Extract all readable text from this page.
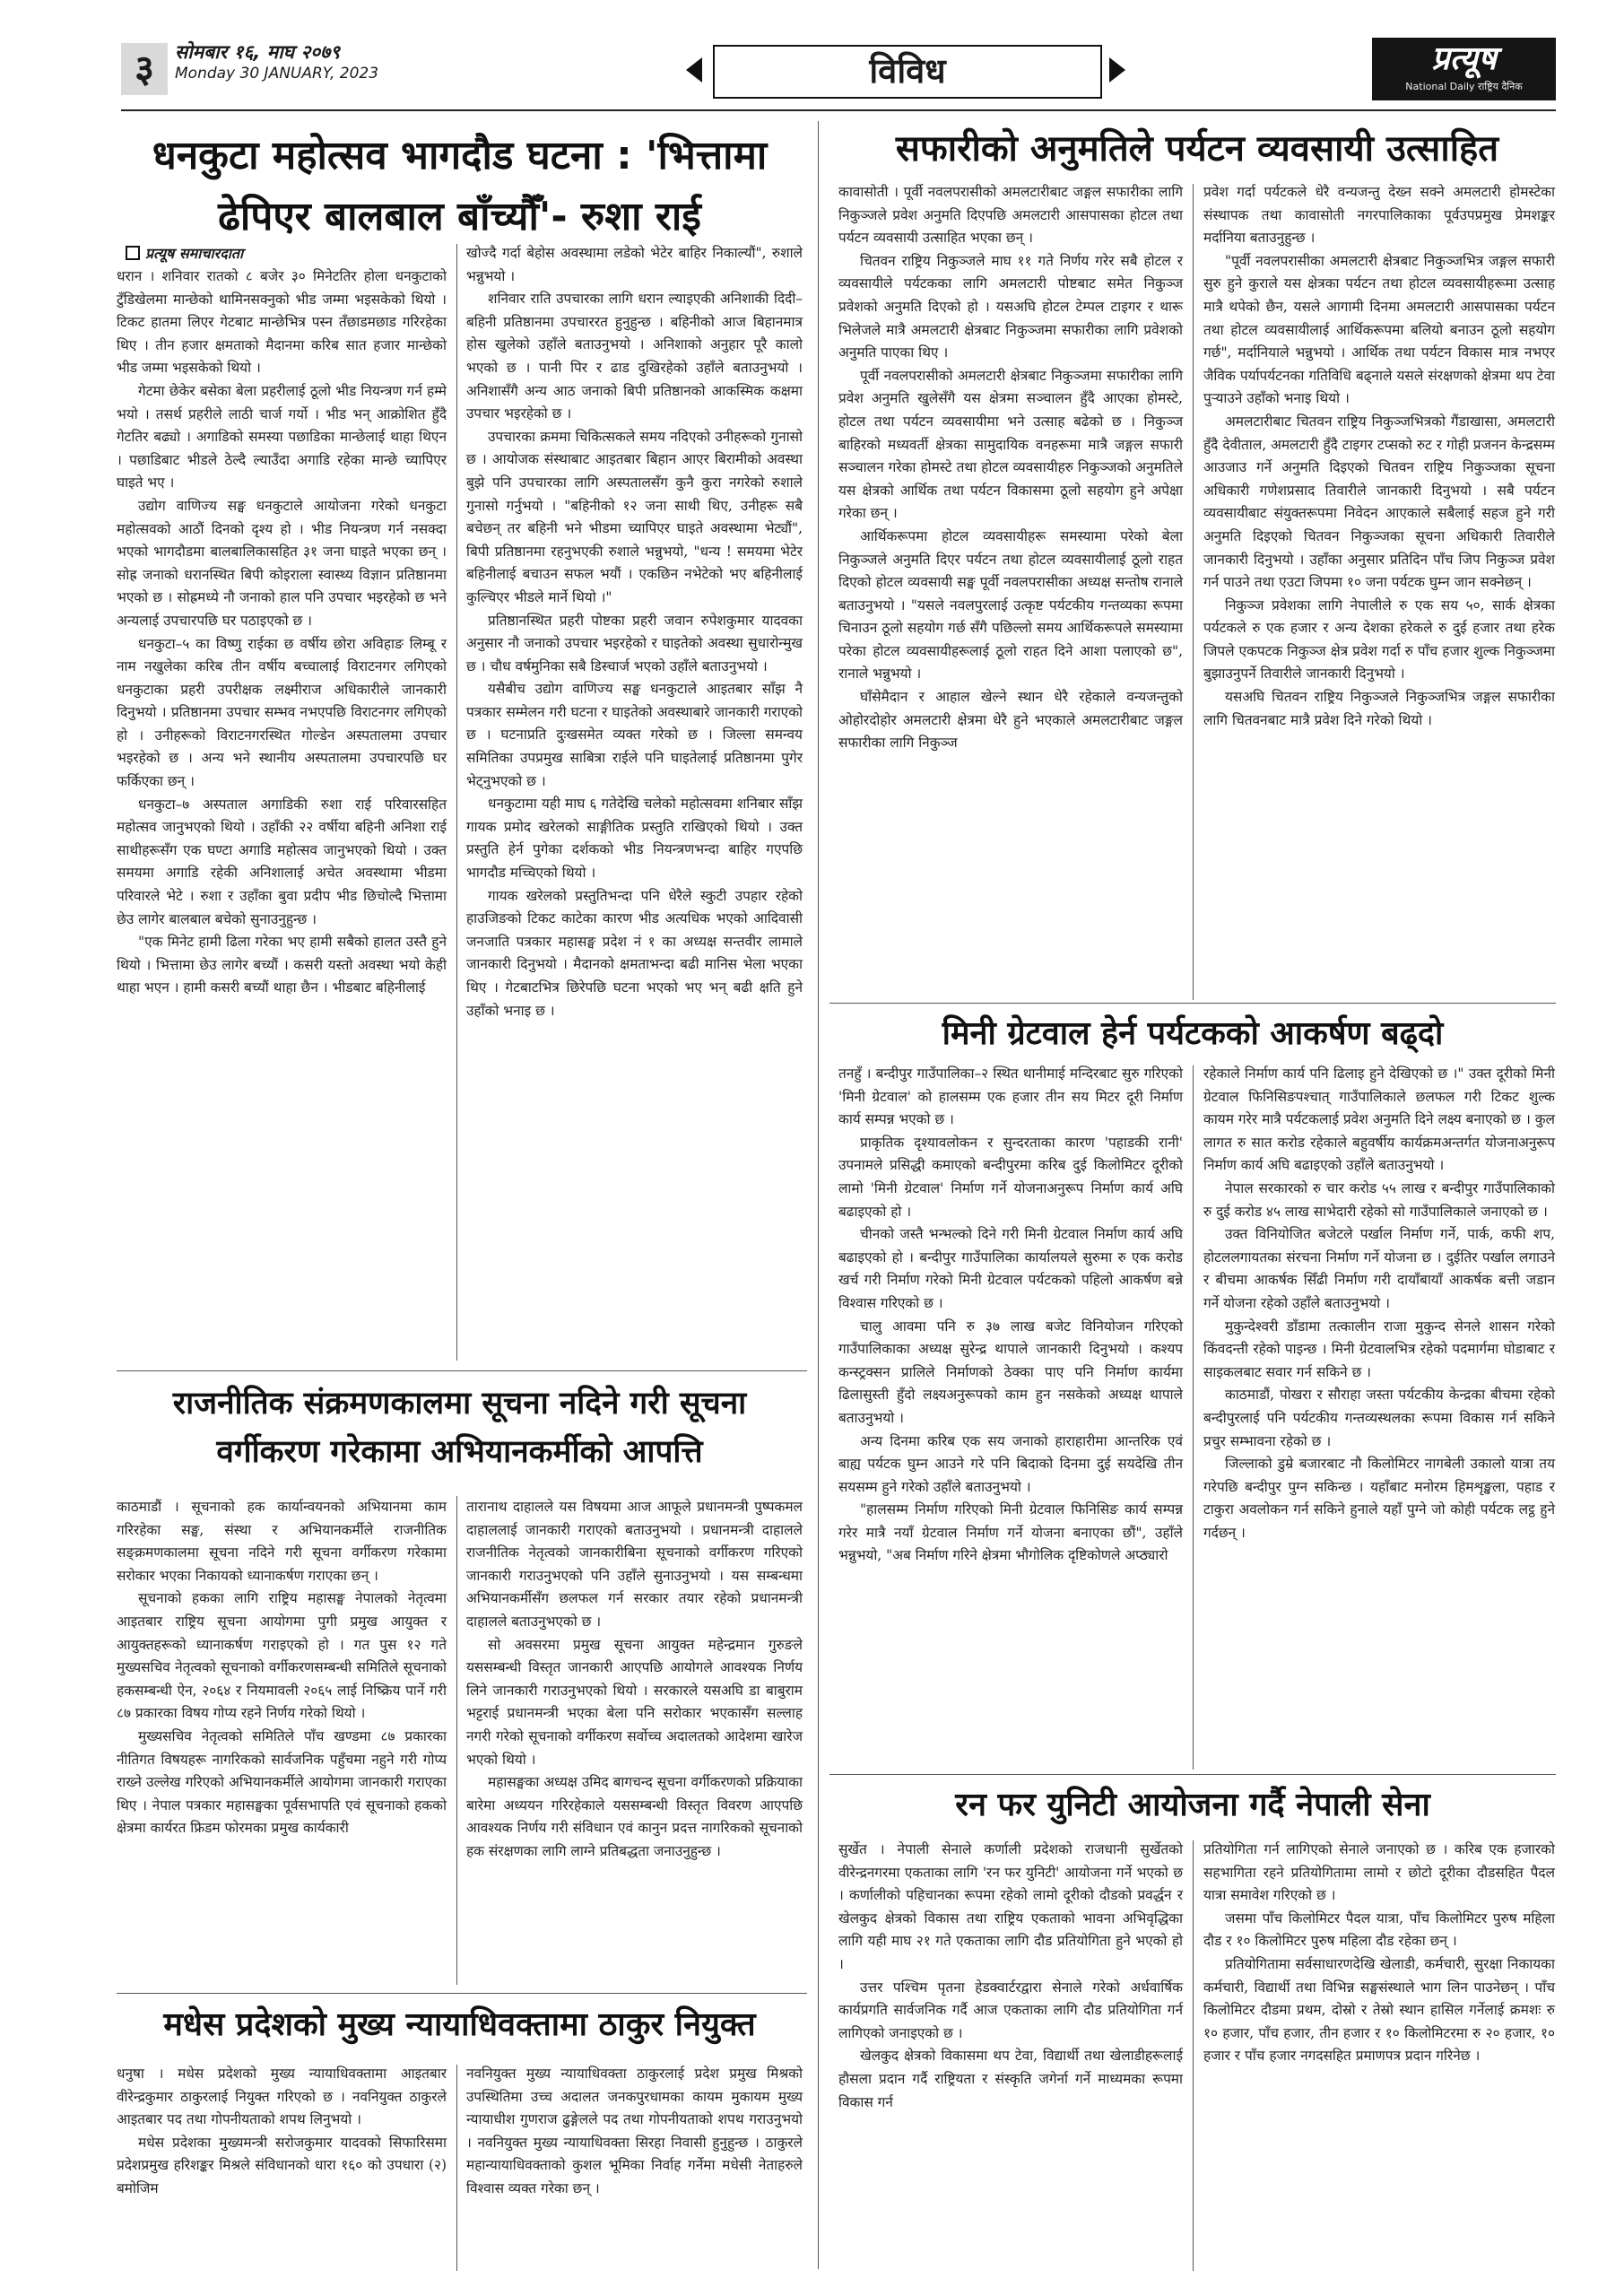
३	सोमबार १६, माघ २०७९
Monday 30 JANUARY, 2023	विविध	प्रत्यूष
National Daily राष्ट्रिय दैनिक
धनकुटा महोत्सव भागदौड घटना : 'भित्तामा ढेपिएर बालबाल बाँच्यौँ'- रुशा राई
प्रत्यूष समाचारदाता

धरान । शनिवार रातको ८ बजेर ३० मिनेटतिर होला धनकुटाको टुँडिखेलमा मान्छेको थामिनसक्नुको भीड जम्मा भइसकेको थियो । टिकट हातमा लिएर गेटबाट मान्छेभित्र पस्न तँछाडमछाड गरिरहेका थिए । तीन हजार क्षमताको मैदानमा करिब सात हजार मान्छेको भीड जम्मा भइसकेको थियो ।

गेटमा छेकेर बसेका बेला प्रहरीलाई ठूलो भीड नियन्त्रण गर्न हम्मे भयो । तसर्थ प्रहरीले लाठी चार्ज गर्यो । भीड भन् आक्रोशित हुँदै गेटतिर बढ्यो । अगाडिको समस्या पछाडिका मान्छेलाई थाहा थिएन । पछाडिबाट भीडले ठेल्दै ल्याउँदा अगाडि रहेका मान्छे च्यापिएर घाइते भए ।

उद्योग वाणिज्य सङ्घ धनकुटाले आयोजना गरेको धनकुटा महोत्सवको आठौं दिनको दृश्य हो । भीड नियन्त्रण गर्न नसक्दा भएको भागदौडमा बालबालिकासहित ३१ जना घाइते भएका छन् । सोह्र जनाको धरानस्थित बिपी कोइराला स्वास्थ्य विज्ञान प्रतिष्ठानमा भएको छ । सोह्रमध्ये नौ जनाको हाल पनि उपचार भइरहेको छ भने अन्यलाई उपचारपछि घर पठाइएको छ ।

धनकुटा–५ का विष्णु राईका छ वर्षीय छोरा अविहाङ लिम्बू र नाम नखुलेका करिब तीन वर्षीय बच्चालाई विराटनगर लगिएको धनकुटाका प्रहरी उपरीक्षक लक्ष्मीराज अधिकारीले जानकारी दिनुभयो । प्रतिष्ठानमा उपचार सम्भव नभएपछि विराटनगर लगिएको हो । उनीहरूको विराटनगरस्थित गोल्डेन अस्पतालमा उपचार भइरहेको छ । अन्य भने स्थानीय अस्पतालमा उपचारपछि घर फर्किएका छन् ।

धनकुटा–७ अस्पताल अगाडिकी रुशा राई परिवारसहित महोत्सव जानुभएको थियो । उहाँकी २२ वर्षीया बहिनी अनिशा राई साथीहरूसँग एक घण्टा अगाडि महोत्सव जानुभएको थियो । उक्त समयमा अगाडि रहेकी अनिशालाई अचेत अवस्थामा भीडमा परिवारले भेटे । रुशा र उहाँका बुवा प्रदीप भीड छिचोल्दै भित्तामा छेउ लागेर बालबाल बचेको सुनाउनुहुन्छ ।

"एक मिनेट हामी ढिला गरेका भए हामी सबैको हालत उस्तै हुने थियो । भित्तामा छेउ लागेर बच्यौं । कसरी यस्तो अवस्था भयो केही थाहा भएन । हामी कसरी बच्यौं थाहा छैन । भीडबाट बहिनीलाई

खोज्दै गर्दा बेहोस अवस्थामा लडेको भेटेर बाहिर निकाल्यौं", रुशाले भन्नुभयो ।

शनिवार राति उपचारका लागि धरान ल्याइएकी अनिशाकी दिदी–बहिनी प्रतिष्ठानमा उपचाररत हुनुहुन्छ । बहिनीको आज बिहानमात्र होस खुलेको उहाँले बताउनुभयो । अनिशाको अनुहार पूरै कालो भएको छ । पानी पिर र ढाड दुखिरहेको उहाँले बताउनुभयो । अनिशासँगै अन्य आठ जनाको बिपी प्रतिष्ठानको आकस्मिक कक्षमा उपचार भइरहेको छ ।

उपचारका क्रममा चिकित्सकले समय नदिएको उनीहरूको गुनासो छ । आयोजक संस्थाबाट आइतबार बिहान आएर बिरामीको अवस्था बुझे पनि उपचारका लागि अस्पतालसँग कुनै कुरा नगरेको रुशाले गुनासो गर्नुभयो । "बहिनीको १२ जना साथी थिए, उनीहरू सबै बचेछन् तर बहिनी भने भीडमा च्यापिएर घाइते अवस्थामा भेट्यौं", बिपी प्रतिष्ठानमा रहनुभएकी रुशाले भन्नुभयो, "धन्य ! समयमा भेटेर बहिनीलाई बचाउन सफल भयौं । एकछिन नभेटेको भए बहिनीलाई कुल्चिएर भीडले मार्ने थियो ।"

प्रतिष्ठानस्थित प्रहरी पोष्टका प्रहरी जवान रुपेशकुमार यादवका अनुसार नौ जनाको उपचार भइरहेको र घाइतेको अवस्था सुधारोन्मुख छ । चौध वर्षमुनिका सबै डिस्चार्ज भएको उहाँले बताउनुभयो ।

यसैबीच उद्योग वाणिज्य सङ्घ धनकुटाले आइतबार साँझ नै पत्रकार सम्मेलन गरी घटना र घाइतेको अवस्थाबारे जानकारी गराएको छ । घटनाप्रति दुःखसमेत व्यक्त गरेको छ । जिल्ला समन्वय समितिका उपप्रमुख साबित्रा राईले पनि घाइतेलाई प्रतिष्ठानमा पुगेर भेट्नुभएको छ ।

धनकुटामा यही माघ ६ गतेदेखि चलेको महोत्सवमा शनिबार साँझ गायक प्रमोद खरेलको साङ्गीतिक प्रस्तुति राखिएको थियो । उक्त प्रस्तुति हेर्न पुगेका दर्शकको भीड नियन्त्रणभन्दा बाहिर गएपछि भागदौड मच्चिएको थियो ।

गायक खरेलको प्रस्तुतिभन्दा पनि धेरैले स्कुटी उपहार रहेको हाउजिङको टिकट काटेका कारण भीड अत्यधिक भएको आदिवासी जनजाति पत्रकार महासङ्घ प्रदेश नं १ का अध्यक्ष सन्तवीर लामाले जानकारी दिनुभयो । मैदानको क्षमताभन्दा बढी मानिस भेला भएका थिए । गेटबाटभित्र छिरेपछि घटना भएको भए भन् बढी क्षति हुने उहाँको भनाइ छ ।

सफारीको अनुमतिले पर्यटन व्यवसायी उत्साहित

कावासोती । पूर्वी नवलपरासीको अमलटारीबाट जङ्गल सफारीका लागि निकुञ्जले प्रवेश अनुमति दिएपछि अमलटारी आसपासका होटल तथा पर्यटन व्यवसायी उत्साहित भएका छन् ।

चितवन राष्ट्रिय निकुञ्जले माघ ११ गते निर्णय गरेर सबै होटल र व्यवसायीले पर्यटकका लागि अमलटारी पोष्टबाट समेत निकुञ्ज प्रवेशको अनुमति दिएको हो । यसअघि होटल टेम्पल टाइगर र थारू भिलेजले मात्रै अमलटारी क्षेत्रबाट निकुञ्जमा सफारीका लागि प्रवेशको अनुमति पाएका थिए ।

पूर्वी नवलपरासीको अमलटारी क्षेत्रबाट निकुञ्जमा सफारीका लागि प्रवेश अनुमति खुलेसँगै यस क्षेत्रमा सञ्चालन हुँदै आएका होमस्टे, होटल तथा पर्यटन व्यवसायीमा भने उत्साह बढेको छ । निकुञ्ज बाहिरको मध्यवर्ती क्षेत्रका सामुदायिक वनहरूमा मात्रै जङ्गल सफारी सञ्चालन गरेका होमस्टे तथा होटल व्यवसायीहरु निकुञ्जको अनुमतिले यस क्षेत्रको आर्थिक तथा पर्यटन विकासमा ठूलो सहयोग हुने अपेक्षा गरेका छन् ।

आर्थिकरूपमा होटल व्यवसायीहरू समस्यामा परेको बेला निकुञ्जले अनुमति दिएर पर्यटन तथा होटल व्यवसायीलाई ठूलो राहत दिएको होटल व्यवसायी सङ्घ पूर्वी नवलपरासीका अध्यक्ष सन्तोष रानाले बताउनुभयो । "यसले नवलपुरलाई उत्कृष्ट पर्यटकीय गन्तव्यका रूपमा चिनाउन ठूलो सहयोग गर्छ सँगै पछिल्लो समय आर्थिकरूपले समस्यामा परेका होटल व्यवसायीहरूलाई ठूलो राहत दिने आशा पलाएको छ", रानाले भन्नुभयो ।

घाँसेमैदान र आहाल खेल्ने स्थान धेरै रहेकाले वन्यजन्तुको ओहोरदोहोर अमलटारी क्षेत्रमा धेरै हुने भएकाले अमलटारीबाट जङ्गल सफारीका लागि निकुञ्ज

प्रवेश गर्दा पर्यटकले धेरै वन्यजन्तु देख्न सक्ने अमलटारी होमस्टेका संस्थापक तथा कावासोती नगरपालिकाका पूर्वउपप्रमुख प्रेमशङ्कर मर्दानिया बताउनुहुन्छ ।

"पूर्वी नवलपरासीका अमलटारी क्षेत्रबाट निकुञ्जभित्र जङ्गल सफारी सुरु हुने कुराले यस क्षेत्रका पर्यटन तथा होटल व्यवसायीहरूमा उत्साह मात्रै थपेको छैन, यसले आगामी दिनमा अमलटारी आसपासका पर्यटन तथा होटल व्यवसायीलाई आर्थिकरूपमा बलियो बनाउन ठूलो सहयोग गर्छ", मर्दानियाले भन्नुभयो । आर्थिक तथा पर्यटन विकास मात्र नभएर जैविक पर्यापर्यटनका गतिविधि बढ्नाले यसले संरक्षणको क्षेत्रमा थप टेवा पुऱ्याउने उहाँको भनाइ थियो ।

अमलटारीबाट चितवन राष्ट्रिय निकुञ्जभित्रको गैंडाखासा, अमलटारी हुँदै देवीताल, अमलटारी हुँदै टाइगर टप्सको रुट र गोही प्रजनन केन्द्रसम्म आउजाउ गर्ने अनुमति दिइएको चितवन राष्ट्रिय निकुञ्जका सूचना अधिकारी गणेशप्रसाद तिवारीले जानकारी दिनुभयो । सबै पर्यटन व्यवसायीबाट संयुक्तरूपमा निवेदन आएकाले सबैलाई सहज हुने गरी अनुमति दिइएको चितवन निकुञ्जका सूचना अधिकारी तिवारीले जानकारी दिनुभयो । उहाँका अनुसार प्रतिदिन पाँच जिप निकुञ्ज प्रवेश गर्न पाउने तथा एउटा जिपमा १० जना पर्यटक घुम्न जान सक्नेछन् ।

निकुञ्ज प्रवेशका लागि नेपालीले रु एक सय ५०, सार्क क्षेत्रका पर्यटकले रु एक हजार र अन्य देशका हरेकले रु दुई हजार तथा हरेक जिपले एकपटक निकुञ्ज क्षेत्र प्रवेश गर्दा रु पाँच हजार शुल्क निकुञ्जमा बुझाउनुपर्ने तिवारीले जानकारी दिनुभयो ।

यसअघि चितवन राष्ट्रिय निकुञ्जले निकुञ्जभित्र जङ्गल सफारीका लागि चितवनबाट मात्रै प्रवेश दिने गरेको थियो ।

मिनी ग्रेटवाल हेर्न पर्यटकको आकर्षण बढ्दो

तनहुँ । बन्दीपुर गाउँपालिका–२ स्थित थानीमाई मन्दिरबाट सुरु गरिएको 'मिनी ग्रेटवाल' को हालसम्म एक हजार तीन सय मिटर दूरी निर्माण कार्य सम्पन्न भएको छ ।

प्राकृतिक दृश्यावलोकन र सुन्दरताका कारण 'पहाडकी रानी' उपनामले प्रसिद्धी कमाएको बन्दीपुरमा करिब दुई किलोमिटर दूरीको लामो 'मिनी ग्रेटवाल' निर्माण गर्ने योजनाअनुरूप निर्माण कार्य अघि बढाइएको हो ।

चीनको जस्तै भन्भल्को दिने गरी मिनी ग्रेटवाल निर्माण कार्य अघि बढाइएको हो । बन्दीपुर गाउँपालिका कार्यालयले सुरुमा रु एक करोड खर्च गरी निर्माण गरेको मिनी ग्रेटवाल पर्यटकको पहिलो आकर्षण बन्ने विश्वास गरिएको छ ।

चालु आवमा पनि रु ३७ लाख बजेट विनियोजन गरिएको गाउँपालिकाका अध्यक्ष सुरेन्द्र थापाले जानकारी दिनुभयो । कश्यप कन्स्ट्रक्सन प्रालिले निर्माणको ठेक्का पाए पनि निर्माण कार्यमा ढिलासुस्ती हुँदो लक्ष्यअनुरूपको काम हुन नसकेको अध्यक्ष थापाले बताउनुभयो ।

अन्य दिनमा करिब एक सय जनाको हाराहारीमा आन्तरिक एवं बाह्य पर्यटक घुम्न आउने गरे पनि बिदाको दिनमा दुई सयदेखि तीन सयसम्म हुने गरेको उहाँले बताउनुभयो ।

"हालसम्म निर्माण गरिएको मिनी ग्रेटवाल फिनिसिङ कार्य सम्पन्न गरेर मात्रै नयाँ ग्रेटवाल निर्माण गर्ने योजना बनाएका छौं", उहाँले भन्नुभयो, "अब निर्माण गरिने क्षेत्रमा भौगोलिक दृष्टिकोणले अप्ठ्यारो

रहेकाले निर्माण कार्य पनि ढिलाइ हुने देखिएको छ ।" उक्त दूरीको मिनी ग्रेटवाल फिनिसिङपश्चात् गाउँपालिकाले छलफल गरी टिकट शुल्क कायम गरेर मात्रै पर्यटकलाई प्रवेश अनुमति दिने लक्ष्य बनाएको छ । कुल लागत रु सात करोड रहेकाले बहुवर्षीय कार्यक्रमअन्तर्गत योजनाअनुरूप निर्माण कार्य अघि बढाइएको उहाँले बताउनुभयो ।

नेपाल सरकारको रु चार करोड ५५ लाख र बन्दीपुर गाउँपालिकाको रु दुई करोड ४५ लाख साभेदारी रहेको सो गाउँपालिकाले जनाएको छ ।

उक्त विनियोजित बजेटले पर्खाल निर्माण गर्ने, पार्क, कफी शप, होटललगायतका संरचना निर्माण गर्ने योजना छ । दुईतिर पर्खाल लगाउने र बीचमा आकर्षक सिँढी निर्माण गरी दायाँबायाँ आकर्षक बत्ती जडान गर्ने योजना रहेको उहाँले बताउनुभयो ।

मुकुन्देश्वरी डाँडामा तत्कालीन राजा मुकुन्द सेनले शासन गरेको किंवदन्ती रहेको पाइन्छ । मिनी ग्रेटवालभित्र रहेको पदमार्गमा घोडाबाट र साइकलबाट सवार गर्न सकिने छ ।

काठमाडौं, पोखरा र सौराहा जस्ता पर्यटकीय केन्द्रका बीचमा रहेको बन्दीपुरलाई पनि पर्यटकीय गन्तव्यस्थलका रूपमा विकास गर्न सकिने प्रचुर सम्भावना रहेको छ ।

जिल्लाको डुम्रे बजारबाट नौ किलोमिटर नागबेली उकालो यात्रा तय गरेपछि बन्दीपुर पुग्न सकिन्छ । यहाँबाट मनोरम हिमशृङ्खला, पहाड र टाकुरा अवलोकन गर्न सकिने हुनाले यहाँ पुग्ने जो कोही पर्यटक लट्ठ हुने गर्दछन् ।

राजनीतिक संक्रमणकालमा सूचना नदिने गरी सूचना वर्गीकरण गरेकामा अभियानकर्मीको आपत्ति

काठमाडौं । सूचनाको हक कार्यान्वयनको अभियानमा काम गरिरहेका सङ्घ, संस्था र अभियानकर्मीले राजनीतिक सङ्क्रमणकालमा सूचना नदिने गरी सूचना वर्गीकरण गरेकामा सरोकार भएका निकायको ध्यानाकर्षण गराएका छन् ।

सूचनाको हकका लागि राष्ट्रिय महासङ्घ नेपालको नेतृत्वमा आइतबार राष्ट्रिय सूचना आयोगमा पुगी प्रमुख आयुक्त र आयुक्तहरूको ध्यानाकर्षण गराइएको हो । गत पुस १२ गते मुख्यसचिव नेतृत्वको सूचनाको वर्गीकरणसम्बन्धी समितिले सूचनाको हकसम्बन्धी ऐन, २०६४ र नियमावली २०६५ लाई निष्क्रिय पार्ने गरी ८७ प्रकारका विषय गोप्य रहने निर्णय गरेको थियो ।

मुख्यसचिव नेतृत्वको समितिले पाँच खण्डमा ८७ प्रकारका नीतिगत विषयहरू नागरिकको सार्वजनिक पहुँचमा नहुने गरी गोप्य राख्ने उल्लेख गरिएको अभियानकर्मीले आयोगमा जानकारी गराएका थिए । नेपाल पत्रकार महासङ्घका पूर्वसभापति एवं सूचनाको हकको क्षेत्रमा कार्यरत फ्रिडम फोरमका प्रमुख कार्यकारी

तारानाथ दाहालले यस विषयमा आज आफूले प्रधानमन्त्री पुष्पकमल दाहाललाई जानकारी गराएको बताउनुभयो । प्रधानमन्त्री दाहालले राजनीतिक नेतृत्वको जानकारीबिना सूचनाको वर्गीकरण गरिएको जानकारी गराउनुभएको पनि उहाँले सुनाउनुभयो । यस सम्बन्धमा अभियानकर्मीसँग छलफल गर्न सरकार तयार रहेको प्रधानमन्त्री दाहालले बताउनुभएको छ ।

सो अवसरमा प्रमुख सूचना आयुक्त महेन्द्रमान गुरुङले यससम्बन्धी विस्तृत जानकारी आएपछि आयोगले आवश्यक निर्णय लिने जानकारी गराउनुभएको थियो । सरकारले यसअघि डा बाबुराम भट्टराई प्रधानमन्त्री भएका बेला पनि सरोकार भएकासँग सल्लाह नगरी गरेको सूचनाको वर्गीकरण सर्वोच्च अदालतको आदेशमा खारेज भएको थियो ।

महासङ्घका अध्यक्ष उमिद बागचन्द सूचना वर्गीकरणको प्रक्रियाका बारेमा अध्ययन गरिरहेकाले यससम्बन्धी विस्तृत विवरण आएपछि आवश्यक निर्णय गरी संविधान एवं कानुन प्रदत्त नागरिकको सूचनाको हक संरक्षणका लागि लाग्ने प्रतिबद्धता जनाउनुहुन्छ ।

रन फर युनिटी आयोजना गर्दै नेपाली सेना

सुर्खेत । नेपाली सेनाले कर्णाली प्रदेशको राजधानी सुर्खेतको वीरेन्द्रनगरमा एकताका लागि 'रन फर युनिटी' आयोजना गर्ने भएको छ । कर्णालीको पहिचानका रूपमा रहेको लामो दूरीको दौडको प्रवर्द्धन र खेलकुद क्षेत्रको विकास तथा राष्ट्रिय एकताको भावना अभिवृद्धिका लागि यही माघ २१ गते एकताका लागि दौड प्रतियोगिता हुने भएको हो ।

उत्तर पश्चिम पृतना हेडक्वार्टरद्वारा सेनाले गरेको अर्धवार्षिक कार्यप्रगति सार्वजनिक गर्दै आज एकताका लागि दौड प्रतियोगिता गर्न लागिएको जनाइएको छ ।

खेलकुद क्षेत्रको विकासमा थप टेवा, विद्यार्थी तथा खेलाडीहरूलाई हौसला प्रदान गर्दै राष्ट्रियता र संस्कृति जगेर्ना गर्ने माध्यमका रूपमा विकास गर्न

प्रतियोगिता गर्न लागिएको सेनाले जनाएको छ । करिब एक हजारको सहभागिता रहने प्रतियोगितामा लामो र छोटो दूरीका दौडसहित पैदल यात्रा समावेश गरिएको छ ।

जसमा पाँच किलोमिटर पैदल यात्रा, पाँच किलोमिटर पुरुष महिला दौड र १० किलोमिटर पुरुष महिला दौड रहेका छन् ।

प्रतियोगितामा सर्वसाधारणदेखि खेलाडी, कर्मचारी, सुरक्षा निकायका कर्मचारी, विद्यार्थी तथा विभिन्न सङ्घसंस्थाले भाग लिन पाउनेछन् । पाँच किलोमिटर दौडमा प्रथम, दोस्रो र तेस्रो स्थान हासिल गर्नेलाई क्रमशः रु १० हजार, पाँच हजार, तीन हजार र १० किलोमिटरमा रु २० हजार, १० हजार र पाँच हजार नगदसहित प्रमाणपत्र प्रदान गरिनेछ ।

मधेस प्रदेशको मुख्य न्यायाधिवक्तामा ठाकुर नियुक्त

धनुषा । मधेस प्रदेशको मुख्य न्यायाधिवक्तामा आइतबार वीरेन्द्रकुमार ठाकुरलाई नियुक्त गरिएको छ । नवनियुक्त ठाकुरले आइतबार पद तथा गोपनीयताको शपथ लिनुभयो ।

मधेस प्रदेशका मुख्यमन्त्री सरोजकुमार यादवको सिफारिसमा प्रदेशप्रमुख हरिशङ्कर मिश्रले संविधानको धारा १६० को उपधारा (२) बमोजिम

नवनियुक्त मुख्य न्यायाधिवक्ता ठाकुरलाई प्रदेश प्रमुख मिश्रको उपस्थितिमा उच्च अदालत जनकपुरधामका कायम मुकायम मुख्य न्यायाधीश गुणराज ढुङ्गेलले पद तथा गोपनीयताको शपथ गराउनुभयो । नवनियुक्त मुख्य न्यायाधिवक्ता सिरहा निवासी हुनुहुन्छ । ठाकुरले महान्यायाधिवक्ताको कुशल भूमिका निर्वाह गर्नेमा मधेसी नेताहरुले विश्वास व्यक्त गरेका छन् ।
